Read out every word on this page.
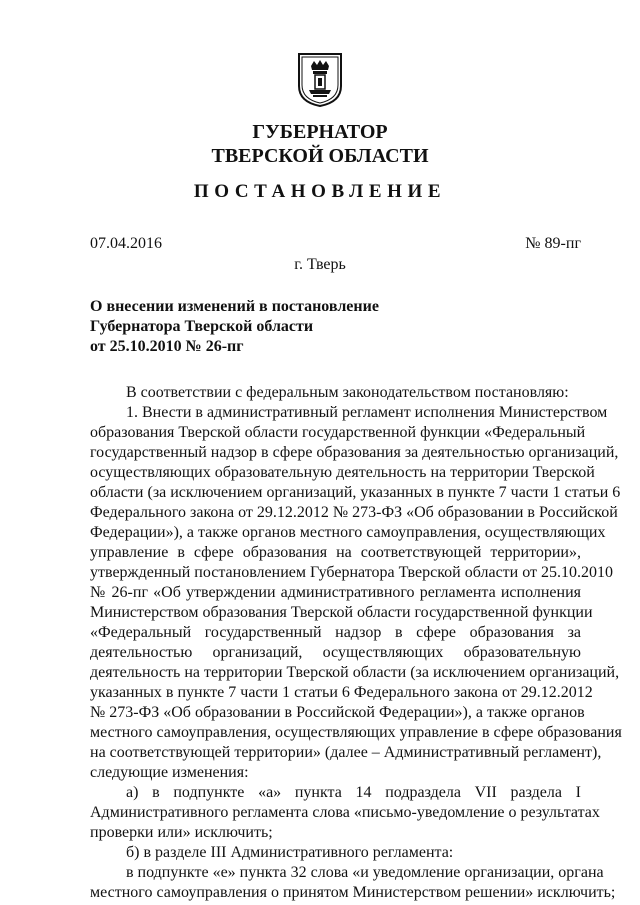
ГУБЕРНАТОР
ТВЕРСКОЙ ОБЛАСТИ
ПОСТАНОВЛЕНИЕ
07.04.2016	№ 89-пг
г. Тверь
О внесении изменений в постановление
Губернатора Тверской области
от 25.10.2010 № 26-пг
В соответствии с федеральным законодательством постановляю:
1. Внести в административный регламент исполнения Министерством
образования Тверской области государственной функции «Федеральный
государственный надзор в сфере образования за деятельностью организаций,
осуществляющих образовательную деятельность на территории Тверской
области (за исключением организаций, указанных в пункте 7 части 1 статьи 6
Федерального закона от 29.12.2012 № 273-ФЗ «Об образовании в Российской
Федерации»), а также органов местного самоуправления, осуществляющих
управление в сфере образования на соответствующей территории»,
утвержденный постановлением Губернатора Тверской области от 25.10.2010
№ 26-пг «Об утверждении административного регламента исполнения
Министерством образования Тверской области государственной функции
«Федеральный государственный надзор в сфере образования за
деятельностью организаций, осуществляющих образовательную
деятельность на территории Тверской области (за исключением организаций,
указанных в пункте 7 части 1 статьи 6 Федерального закона от 29.12.2012
№ 273-ФЗ «Об образовании в Российской Федерации»), а также органов
местного самоуправления, осуществляющих управление в сфере образования
на соответствующей территории» (далее – Административный регламент),
следующие изменения:
а) в подпункте «а» пункта 14 подраздела VII раздела I
Административного регламента слова «письмо-уведомление о результатах
проверки или» исключить;
б) в разделе III Административного регламента:
в подпункте «е» пункта 32 слова «и уведомление организации, органа
местного самоуправления о принятом Министерством решении» исключить;
